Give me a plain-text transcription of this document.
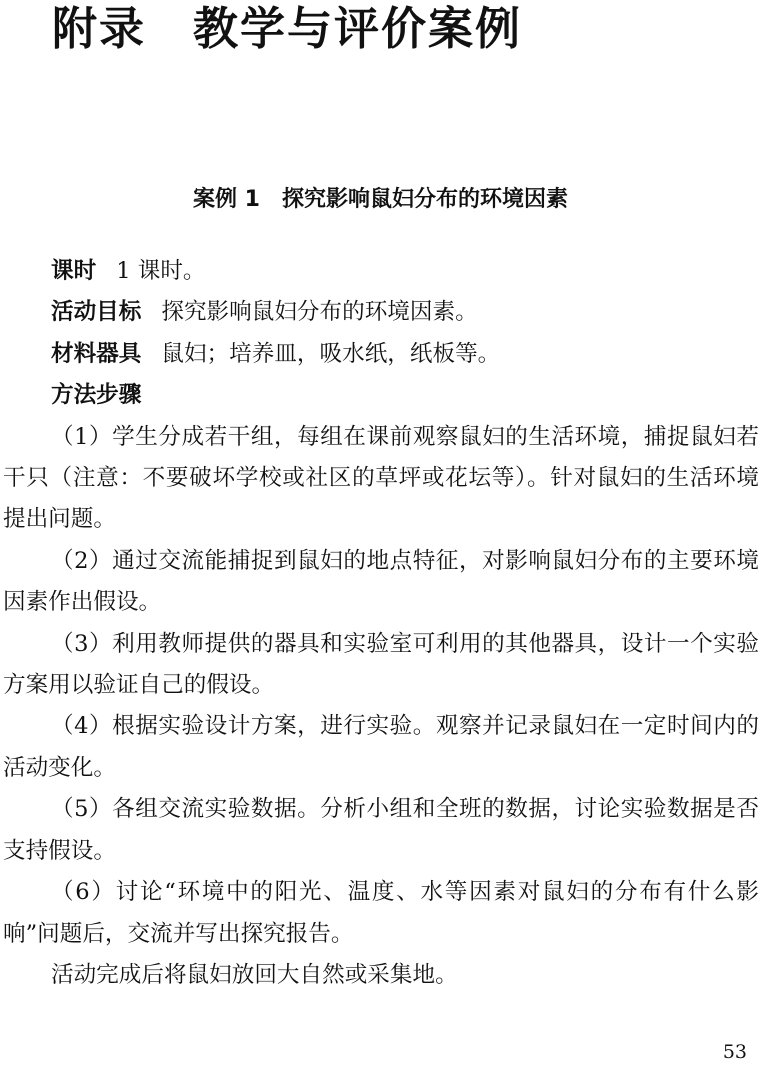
附录　教学与评价案例
案例 1　探究影响鼠妇分布的环境因素

课时 1 课时。

活动目标 探究影响鼠妇分布的环境因素。

材料器具 鼠妇；培养皿，吸水纸，纸板等。

方法步骤

（1）学生分成若干组，每组在课前观察鼠妇的生活环境，捕捉鼠妇若干只（注意：不要破坏学校或社区的草坪或花坛等）。针对鼠妇的生活环境提出问题。

（2）通过交流能捕捉到鼠妇的地点特征，对影响鼠妇分布的主要环境因素作出假设。

（3）利用教师提供的器具和实验室可利用的其他器具，设计一个实验方案用以验证自己的假设。

（4）根据实验设计方案，进行实验。观察并记录鼠妇在一定时间内的活动变化。

（5）各组交流实验数据。分析小组和全班的数据，讨论实验数据是否支持假设。

（6）讨论“环境中的阳光、温度、水等因素对鼠妇的分布有什么影响”问题后，交流并写出探究报告。

活动完成后将鼠妇放回大自然或采集地。

53
